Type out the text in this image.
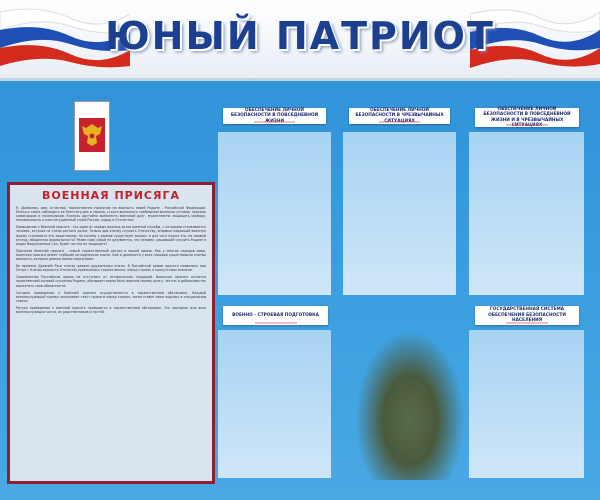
ЮНЫЙ ПАТРИОТ
ВОЕННАЯ ПРИСЯГА

Я, (фамилия, имя, отчество) торжественно присягаю на верность своей Родине - Российской Федерации. Клянусь свято соблюдать ее Конституцию и законы, строго выполнять требования воинских уставов, приказы командиров и начальников. Клянусь достойно выполнять воинский долг, мужественно защищать свободу, независимость и конституционный строй России, народ и Отечество!

Приведение к Военной присяге - это один из первых важных актов военной службы, с которыми сталкивается человек, вступая на стезю ратного долга. Только дав клятву служить Отечеству, впервые надевший военную форму становится его защитником. Но почему у воинов существует вопрос: а для чего нужна эта, на первый взгляд, обыденная формальность? Разве само собой не разумеется, что человек, решивший служить Родине в рядах Вооруженных Сил, будет честно ее защищать?

Принятие Военной присяги - самый торжественный ритуал в нашей армии. Как у многих народов мира, воинская присяга имеет глубокие исторические корни. Уже в древности у всех народов существовали клятвы верности, которые давали воины перед боем.

Во времена Древней Руси клятву давали дружинники князю. В Российской армии присяга появилась при Петре I. Клятва верности Отечеству приносилась торжественно, перед строем, в присутствии знамени.

Современная Российская армия не отступает от исторических традиций. Воинская присяга остается нравственной основой служения Родине, обязывает воина быть верным своему долгу, честно и добросовестно выполнять свои обязанности.

Сегодня приведение к Военной присяге осуществляется в торжественной обстановке. Каждый военнослужащий громко зачитывает текст присяги перед строем, затем ставит свою подпись в специальном списке.

Ритуал приведения к военной присяге проводится в торжественной обстановке. Это праздник для всех военнослужащих части, их родственников и гостей.

ОБЕСПЕЧЕНИЕ ЛИЧНОЙ БЕЗОПАСНОСТИ В ПОВСЕДНЕВНОЙ ЖИЗНИ
ОБЕСПЕЧЕНИЕ ЛИЧНОЙ БЕЗОПАСНОСТИ В ЧРЕЗВЫЧАЙНЫХ СИТУАЦИЯХ
ОБЕСПЕЧЕНИЕ ЛИЧНОЙ БЕЗОПАСНОСТИ В ПОВСЕДНЕВНОЙ ЖИЗНИ И В ЧРЕЗВЫЧАЙНЫХ СИТУАЦИЯХ
ВОЕННО - СТРОЕВАЯ ПОДГОТОВКА
ГОСУДАРСТВЕННАЯ СИСТЕМА ОБЕСПЕЧЕНИЯ БЕЗОПАСНОСТИ НАСЕЛЕНИЯ
